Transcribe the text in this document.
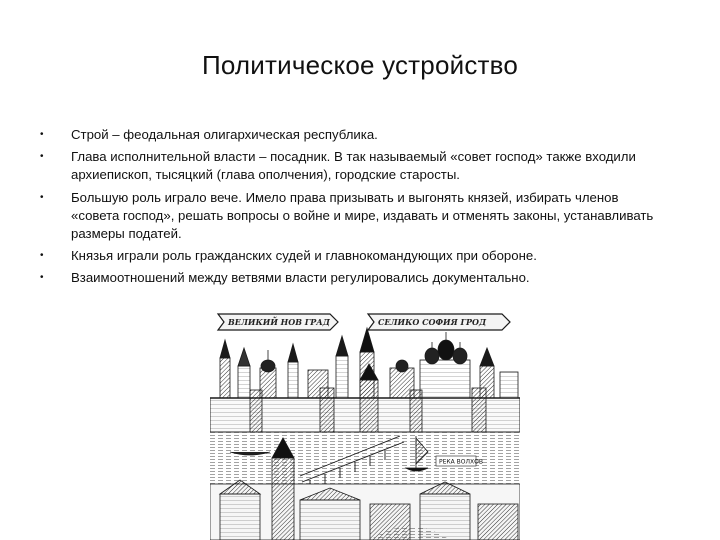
Политическое устройство
• Строй – феодальная олигархическая республика.
• Глава исполнительной власти – посадник. В так называемый «совет господ» также входили архиепископ, тысяцкий (глава ополчения), городские старосты.
• Большую роль играло вече. Имело права призывать и выгонять князей, избирать членов «совета господ», решать вопросы о войне и мире, издавать и отменять законы, устанавливать размеры податей.
• Князья играли роль гражданских судей и главнокомандующих при обороне.
• Взаимоотношений между ветвями власти регулировались документально.
ВЕЛИКИЙ НОВ ГРАД	СЕЛИКО СОФИЯ ГРОД
РЕКА ВОЛХОВ
